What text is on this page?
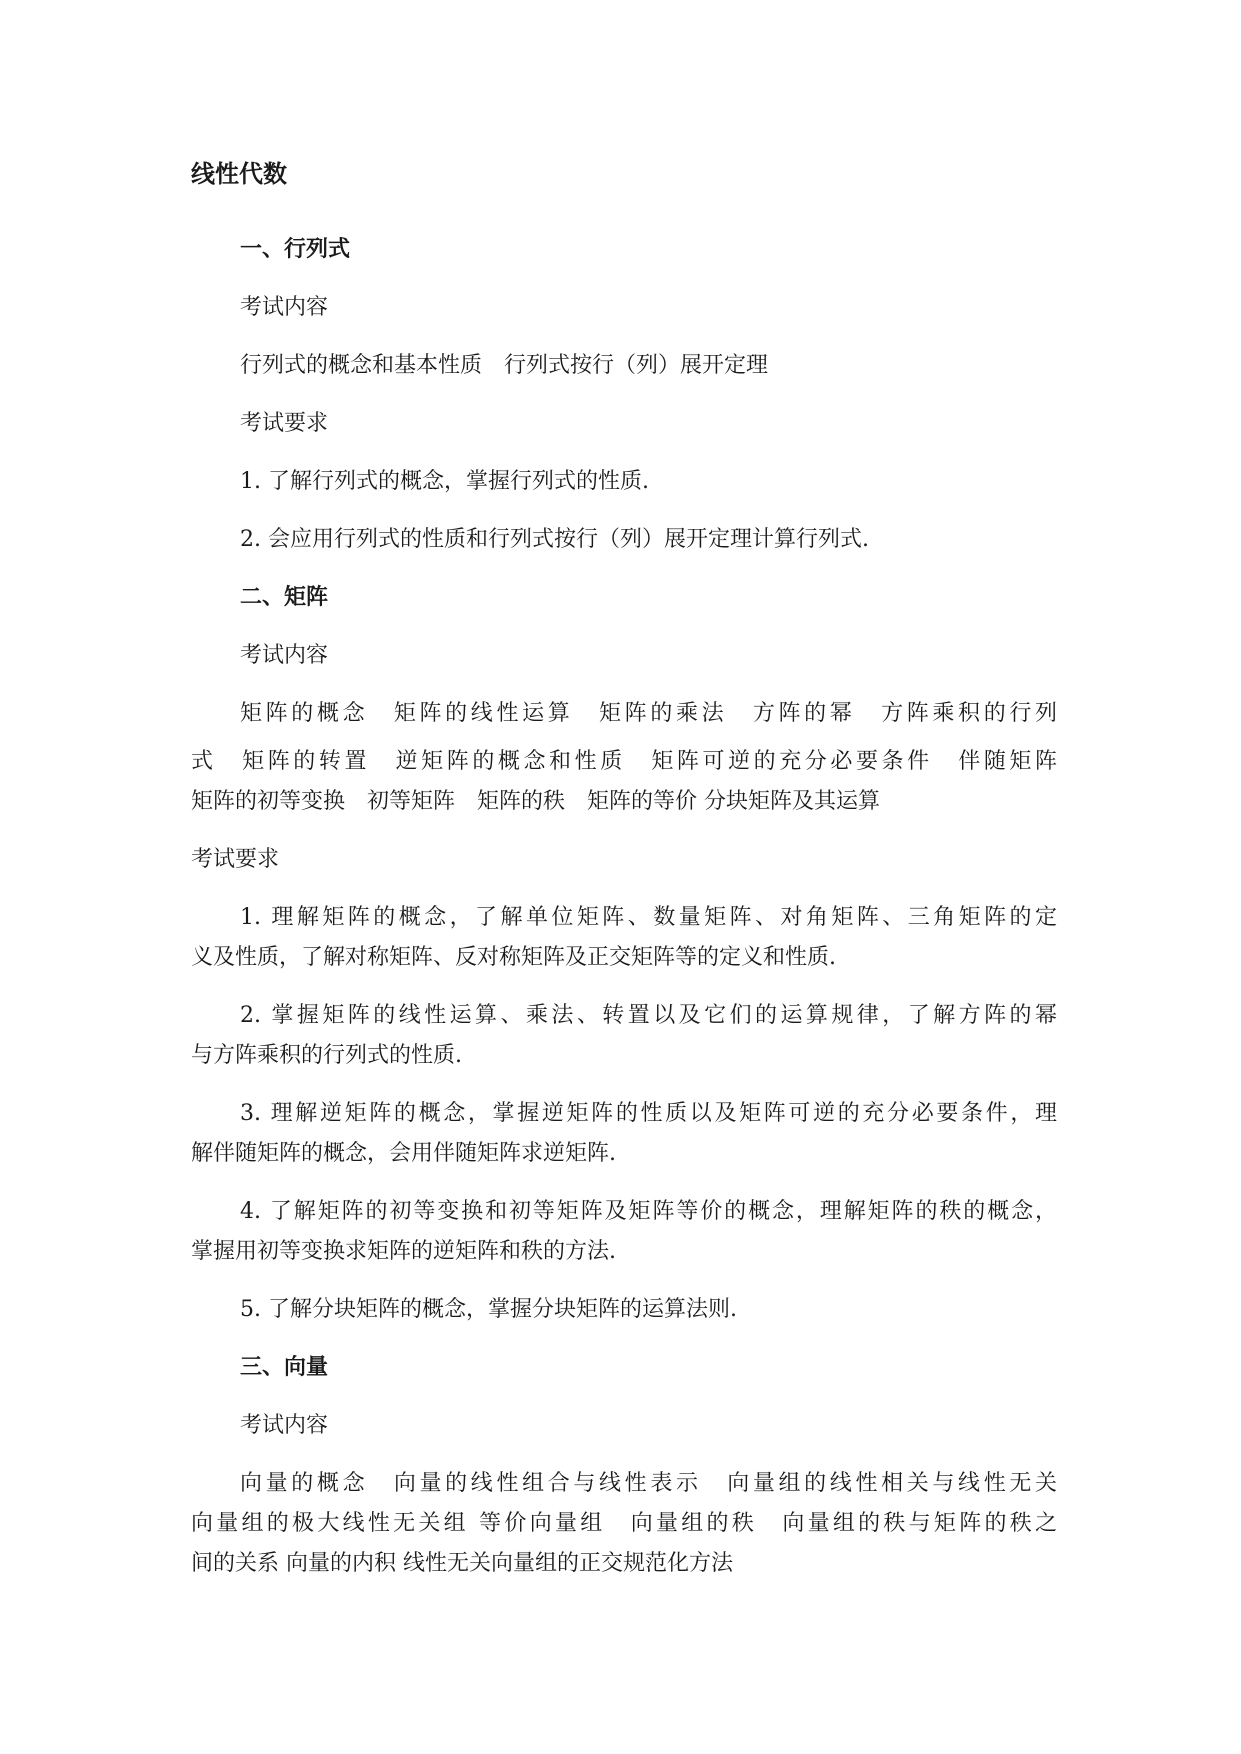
线性代数

一、行列式

考试内容

行列式的概念和基本性质　行列式按行（列）展开定理

考试要求

1. 了解行列式的概念，掌握行列式的性质.

2. 会应用行列式的性质和行列式按行（列）展开定理计算行列式.

二、矩阵

考试内容

矩阵的概念　矩阵的线性运算　矩阵的乘法　方阵的幂　方阵乘积的行列

式　矩阵的转置　逆矩阵的概念和性质　矩阵可逆的充分必要条件　伴随矩阵

矩阵的初等变换　初等矩阵　矩阵的秩　矩阵的等价 分块矩阵及其运算

考试要求

1. 理解矩阵的概念，了解单位矩阵、数量矩阵、对角矩阵、三角矩阵的定

义及性质，了解对称矩阵、反对称矩阵及正交矩阵等的定义和性质.

2. 掌握矩阵的线性运算、乘法、转置以及它们的运算规律，了解方阵的幂

与方阵乘积的行列式的性质.

3. 理解逆矩阵的概念，掌握逆矩阵的性质以及矩阵可逆的充分必要条件，理

解伴随矩阵的概念，会用伴随矩阵求逆矩阵.

4. 了解矩阵的初等变换和初等矩阵及矩阵等价的概念，理解矩阵的秩的概念，

掌握用初等变换求矩阵的逆矩阵和秩的方法.

5. 了解分块矩阵的概念，掌握分块矩阵的运算法则.

三、向量

考试内容

向量的概念　向量的线性组合与线性表示　向量组的线性相关与线性无关

向量组的极大线性无关组 等价向量组　向量组的秩　向量组的秩与矩阵的秩之

间的关系 向量的内积 线性无关向量组的正交规范化方法
